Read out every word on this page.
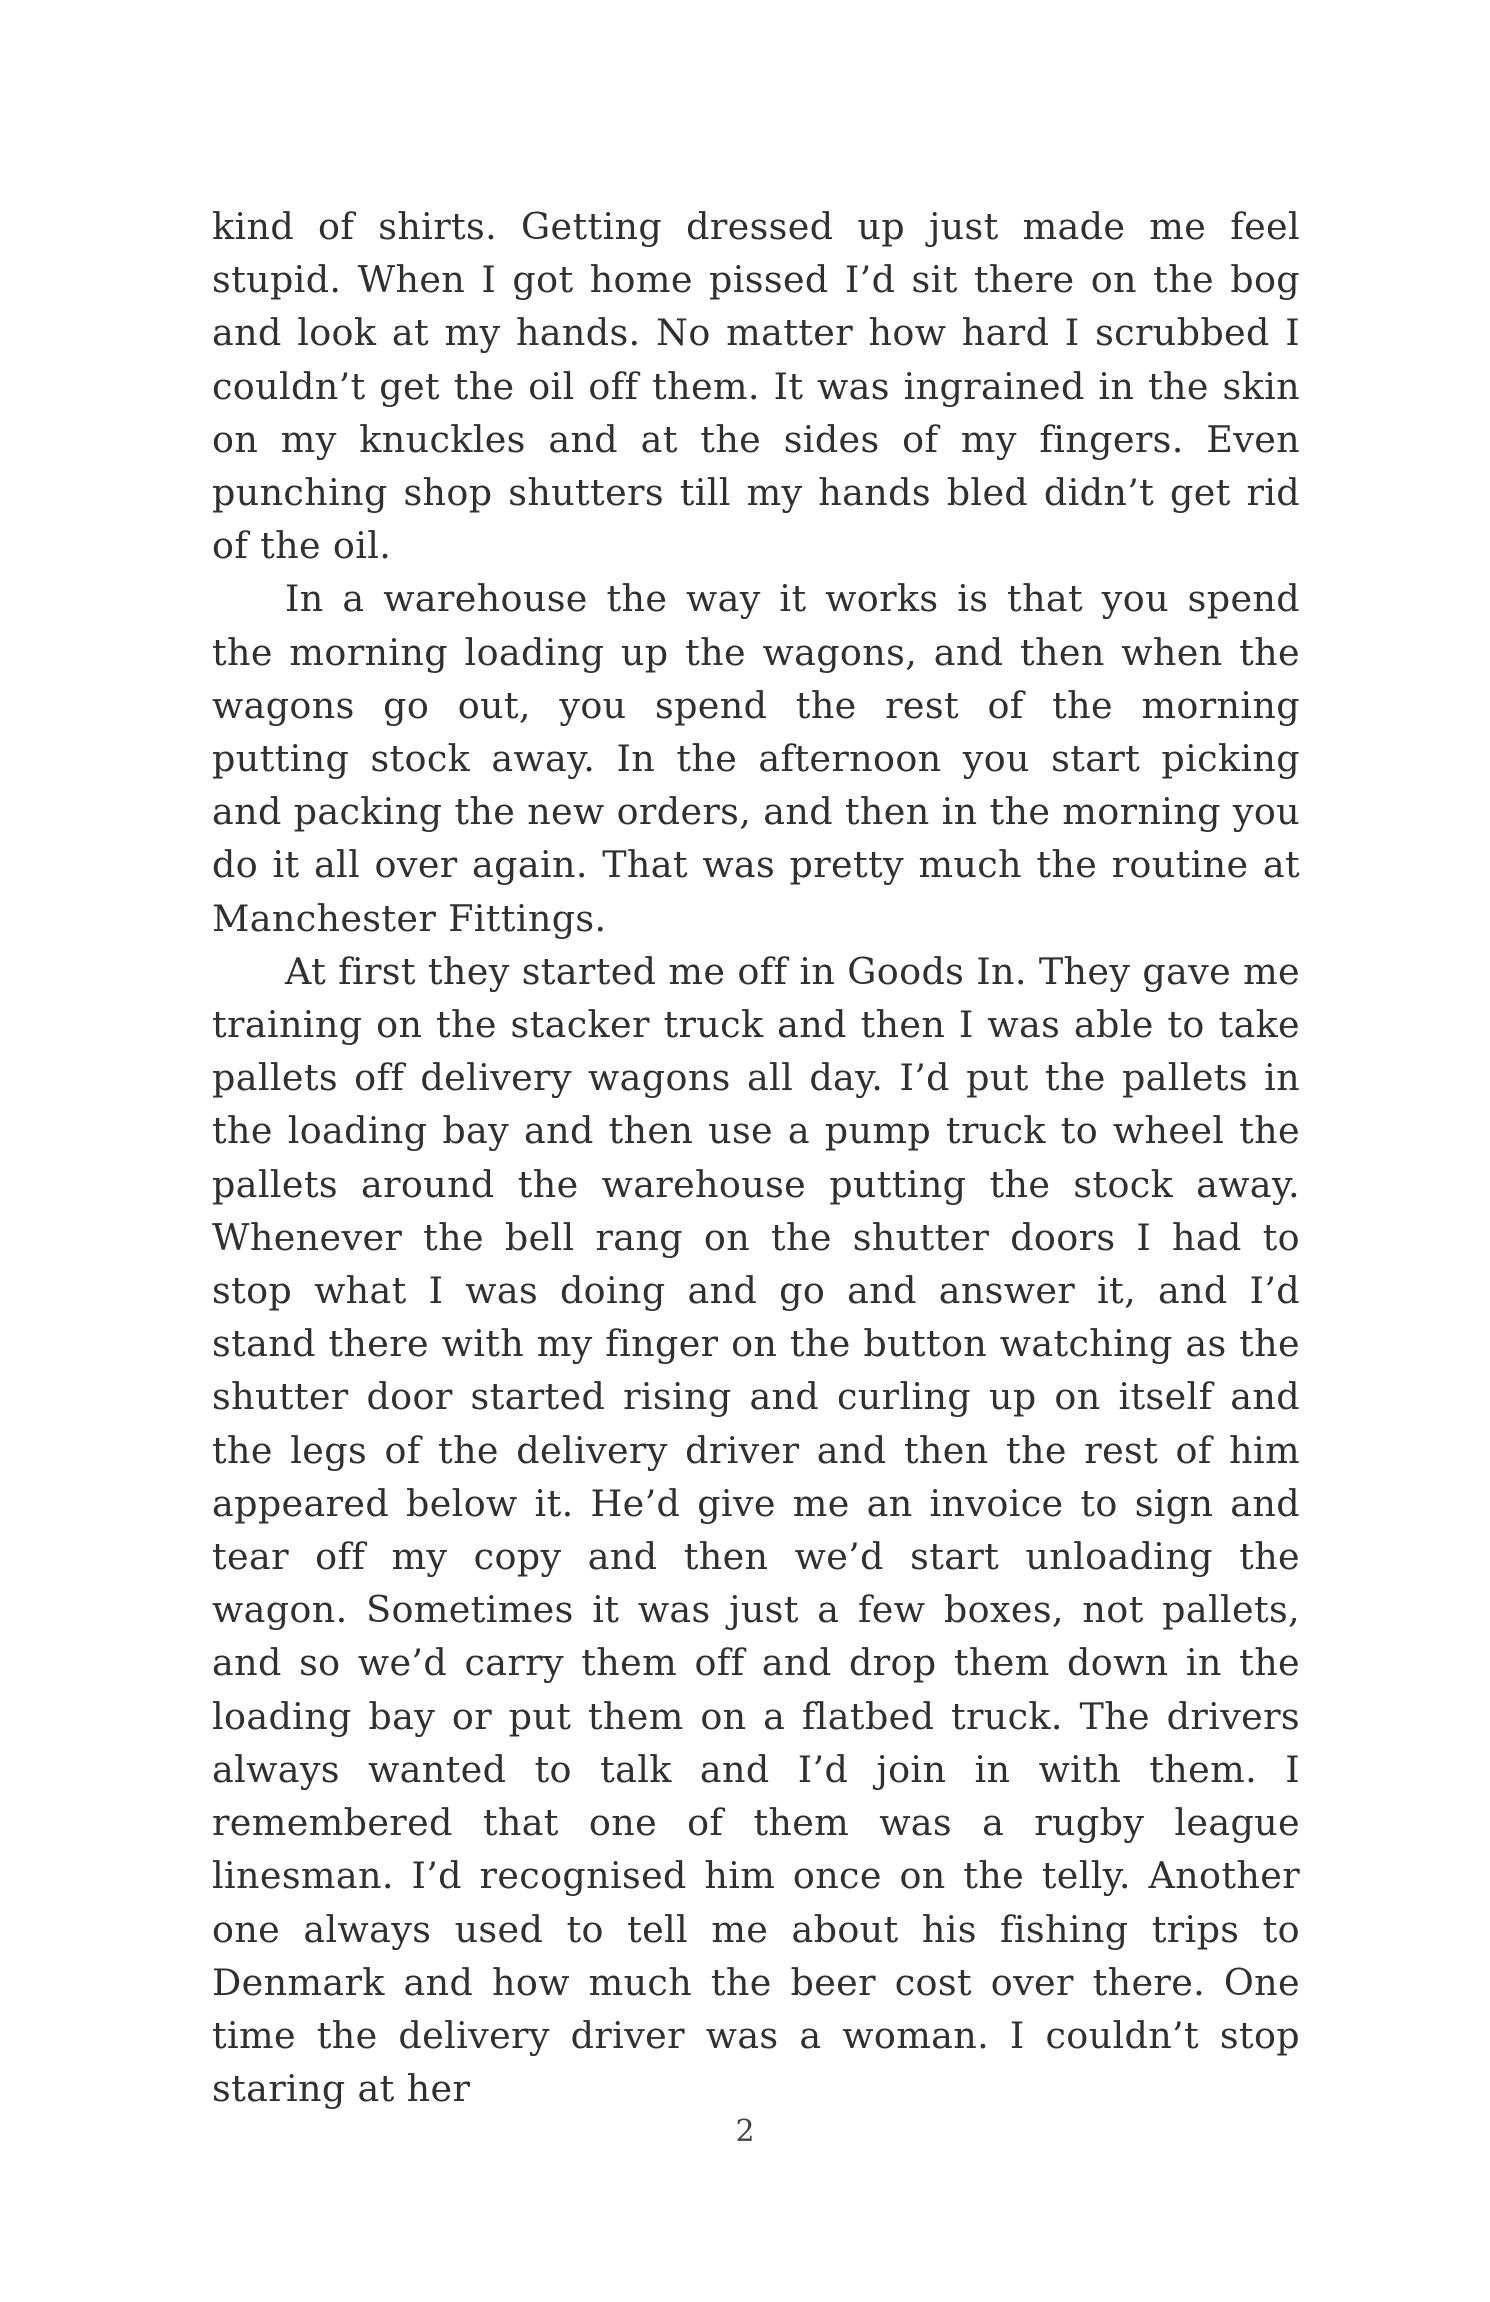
kind of shirts. Getting dressed up just made me feel stupid. When I got home pissed I’d sit there on the bog and look at my hands. No matter how hard I scrubbed I couldn’t get the oil off them. It was ingrained in the skin on my knuckles and at the sides of my fingers. Even punching shop shutters till my hands bled didn’t get rid of the oil.

In a warehouse the way it works is that you spend the morning loading up the wagons, and then when the wagons go out, you spend the rest of the morning putting stock away. In the afternoon you start picking and packing the new orders, and then in the morning you do it all over again. That was pretty much the routine at Manchester Fittings.

At first they started me off in Goods In. They gave me training on the stacker truck and then I was able to take pallets off delivery wagons all day. I’d put the pallets in the loading bay and then use a pump truck to wheel the pallets around the warehouse putting the stock away. Whenever the bell rang on the shutter doors I had to stop what I was doing and go and answer it, and I’d stand there with my finger on the button watching as the shutter door started rising and curling up on itself and the legs of the delivery driver and then the rest of him appeared below it. He’d give me an invoice to sign and tear off my copy and then we’d start unloading the wagon. Sometimes it was just a few boxes, not pallets, and so we’d carry them off and drop them down in the loading bay or put them on a flatbed truck. The drivers always wanted to talk and I’d join in with them. I remembered that one of them was a rugby league linesman. I’d recognised him once on the telly. Another one always used to tell me about his fishing trips to Denmark and how much the beer cost over there. One time the delivery driver was a woman. I couldn’t stop staring at her

2
